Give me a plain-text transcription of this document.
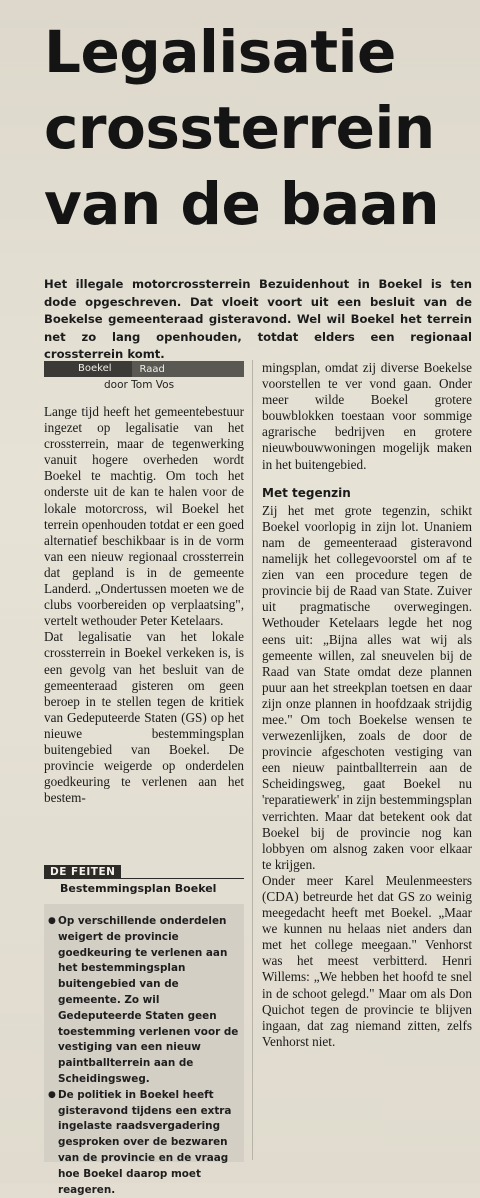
Legalisatie
crossterrein
van de baan

Het illegale motorcrossterrein Bezuidenhout in Boekel is ten dode opgeschreven. Dat vloeit voort uit een besluit van de Boekelse gemeenteraad gisteravond. Wel wil Boekel het terrein net zo lang openhouden, totdat elders een regionaal crossterrein komt.

Boekel	Raad
door Tom Vos

Lange tijd heeft het gemeentebestuur ingezet op legalisatie van het crossterrein, maar de tegenwerking vanuit hogere overheden wordt Boekel te machtig. Om toch het onderste uit de kan te halen voor de lokale motorcross, wil Boekel het terrein openhouden totdat er een goed alternatief beschikbaar is in de vorm van een nieuw regionaal crossterrein dat gepland is in de gemeente Landerd. „Ondertussen moeten we de clubs voorbereiden op verplaatsing", vertelt wethouder Peter Ketelaars.

Dat legalisatie van het lokale crossterrein in Boekel verkeken is, is een gevolg van het besluit van de gemeenteraad gisteren om geen beroep in te stellen tegen de kritiek van Gedeputeerde Staten (GS) op het nieuwe bestemmingsplan buitengebied van Boekel. De provincie weigerde op onderdelen goedkeuring te verlenen aan het bestem-

mingsplan, omdat zij diverse Boekelse voorstellen te ver vond gaan. Onder meer wilde Boekel grotere bouwblokken toestaan voor sommige agrarische bedrijven en grotere nieuwbouwwoningen mogelijk maken in het buitengebied.

Met tegenzin

Zij het met grote tegenzin, schikt Boekel voorlopig in zijn lot. Unaniem nam de gemeenteraad gisteravond namelijk het collegevoorstel om af te zien van een procedure tegen de provincie bij de Raad van State. Zuiver uit pragmatische overwegingen. Wethouder Ketelaars legde het nog eens uit: „Bijna alles wat wij als gemeente willen, zal sneuvelen bij de Raad van State omdat deze plannen puur aan het streekplan toetsen en daar zijn onze plannen in hoofdzaak strijdig mee." Om toch Boekelse wensen te verwezenlijken, zoals de door de provincie afgeschoten vestiging van een nieuw paintballterrein aan de Scheidingsweg, gaat Boekel nu 'reparatiewerk' in zijn bestemmingsplan verrichten. Maar dat betekent ook dat Boekel bij de provincie nog kan lobbyen om alsnog zaken voor elkaar te krijgen.

Onder meer Karel Meulenmeesters (CDA) betreurde het dat GS zo weinig meegedacht heeft met Boekel. „Maar we kunnen nu helaas niet anders dan met het college meegaan." Venhorst was het meest verbitterd. Henri Willems: „We hebben het hoofd te snel in de schoot gelegd." Maar om als Don Quichot tegen de provincie te blijven ingaan, dat zag niemand zitten, zelfs Venhorst niet.

DE FEITEN
Bestemmingsplan Boekel
● Op verschillende onderdelen weigert de provincie goedkeuring te verlenen aan het bestemmingsplan buitengebied van de gemeente. Zo wil Gedeputeerde Staten geen toestemming verlenen voor de vestiging van een nieuw paintballterrein aan de Scheidingsweg.
● De politiek in Boekel heeft gisteravond tijdens een extra ingelaste raadsvergadering gesproken over de bezwaren van de provincie en de vraag hoe Boekel daarop moet reageren.
